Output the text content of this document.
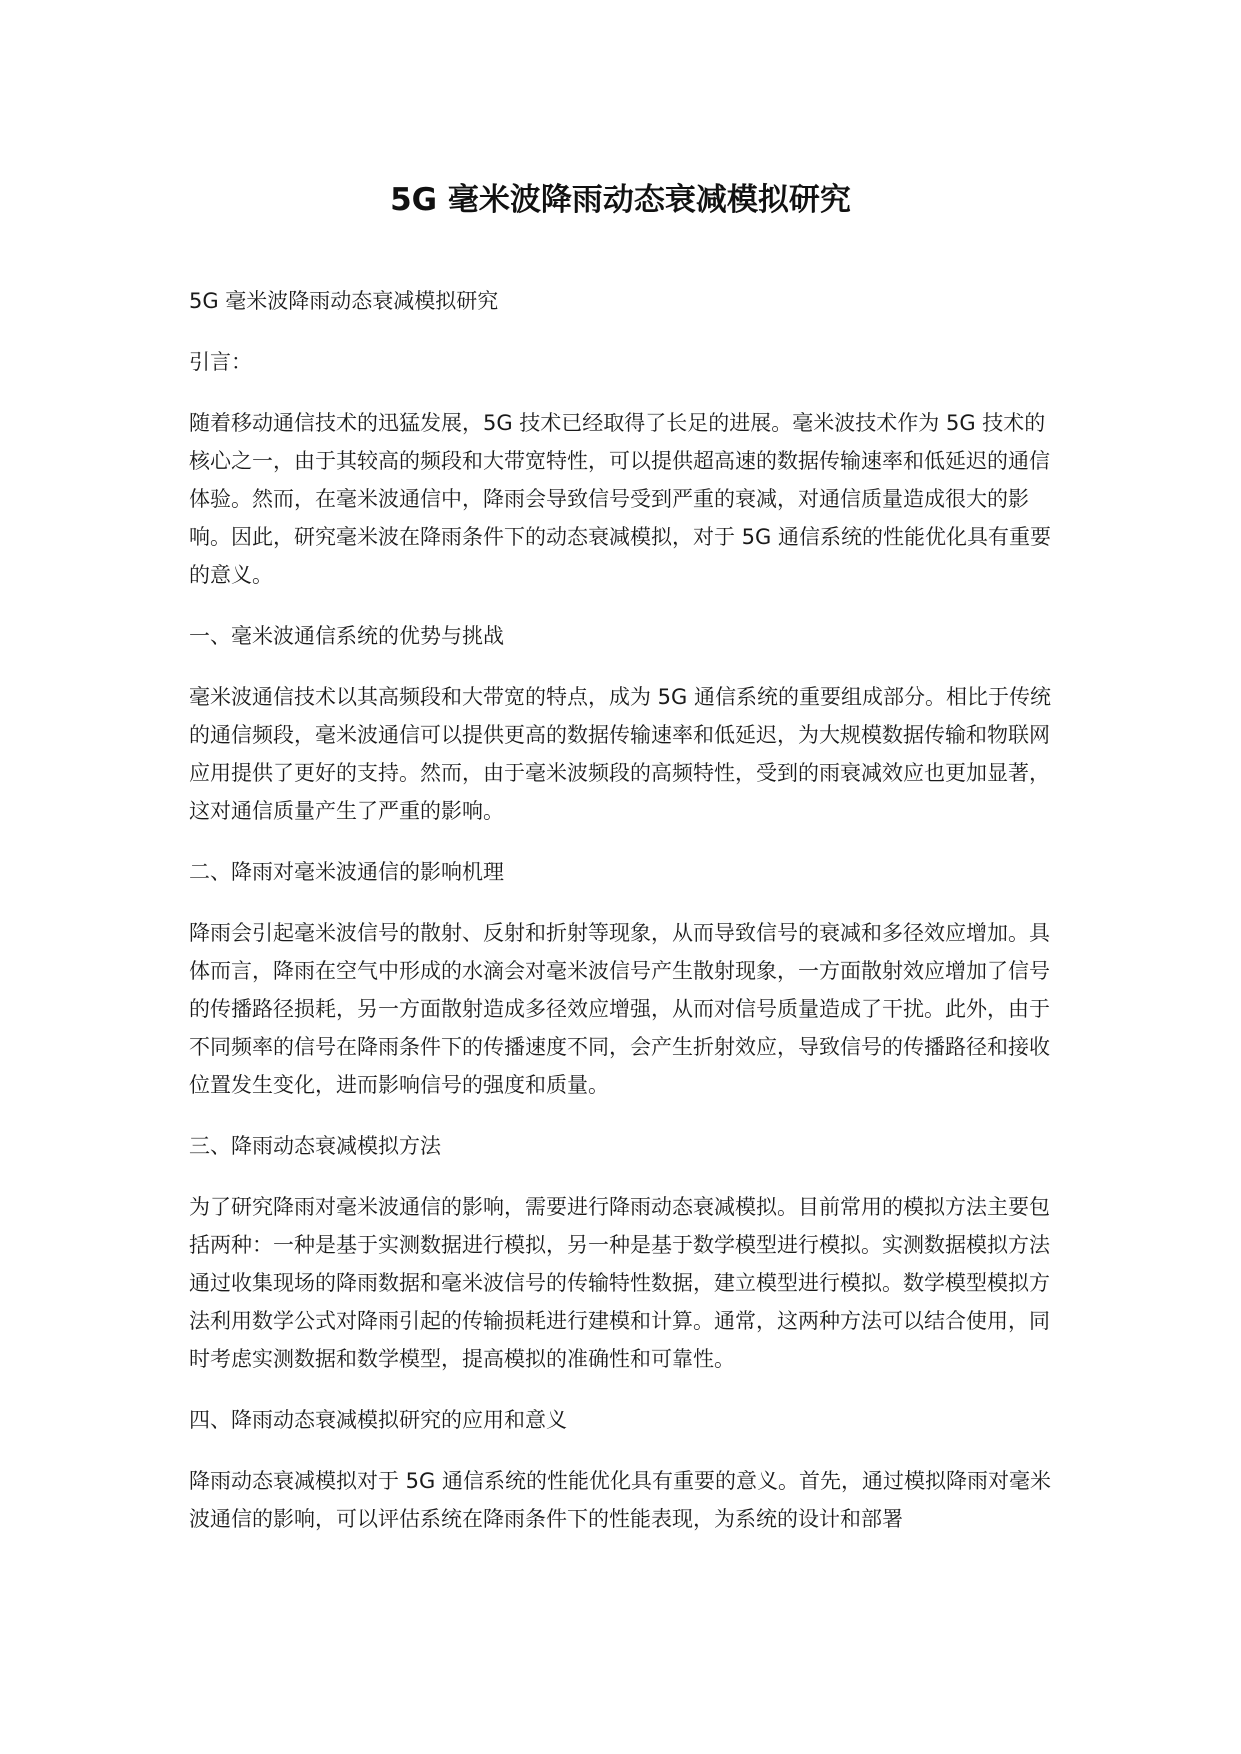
5G 毫米波降雨动态衰减模拟研究

5G 毫米波降雨动态衰减模拟研究

引言：

随着移动通信技术的迅猛发展，5G 技术已经取得了长足的进展。毫米波技术作为 5G 技术的核心之一，由于其较高的频段和大带宽特性，可以提供超高速的数据传输速率和低延迟的通信体验。然而，在毫米波通信中，降雨会导致信号受到严重的衰减，对通信质量造成很大的影响。因此，研究毫米波在降雨条件下的动态衰减模拟，对于 5G 通信系统的性能优化具有重要的意义。

一、毫米波通信系统的优势与挑战

毫米波通信技术以其高频段和大带宽的特点，成为 5G 通信系统的重要组成部分。相比于传统的通信频段，毫米波通信可以提供更高的数据传输速率和低延迟，为大规模数据传输和物联网应用提供了更好的支持。然而，由于毫米波频段的高频特性，受到的雨衰减效应也更加显著，这对通信质量产生了严重的影响。

二、降雨对毫米波通信的影响机理

降雨会引起毫米波信号的散射、反射和折射等现象，从而导致信号的衰减和多径效应增加。具体而言，降雨在空气中形成的水滴会对毫米波信号产生散射现象，一方面散射效应增加了信号的传播路径损耗，另一方面散射造成多径效应增强，从而对信号质量造成了干扰。此外，由于不同频率的信号在降雨条件下的传播速度不同，会产生折射效应，导致信号的传播路径和接收位置发生变化，进而影响信号的强度和质量。

三、降雨动态衰减模拟方法

为了研究降雨对毫米波通信的影响，需要进行降雨动态衰减模拟。目前常用的模拟方法主要包括两种：一种是基于实测数据进行模拟，另一种是基于数学模型进行模拟。实测数据模拟方法通过收集现场的降雨数据和毫米波信号的传输特性数据，建立模型进行模拟。数学模型模拟方法利用数学公式对降雨引起的传输损耗进行建模和计算。通常，这两种方法可以结合使用，同时考虑实测数据和数学模型，提高模拟的准确性和可靠性。

四、降雨动态衰减模拟研究的应用和意义

降雨动态衰减模拟对于 5G 通信系统的性能优化具有重要的意义。首先，通过模拟降雨对毫米波通信的影响，可以评估系统在降雨条件下的性能表现，为系统的设计和部署
